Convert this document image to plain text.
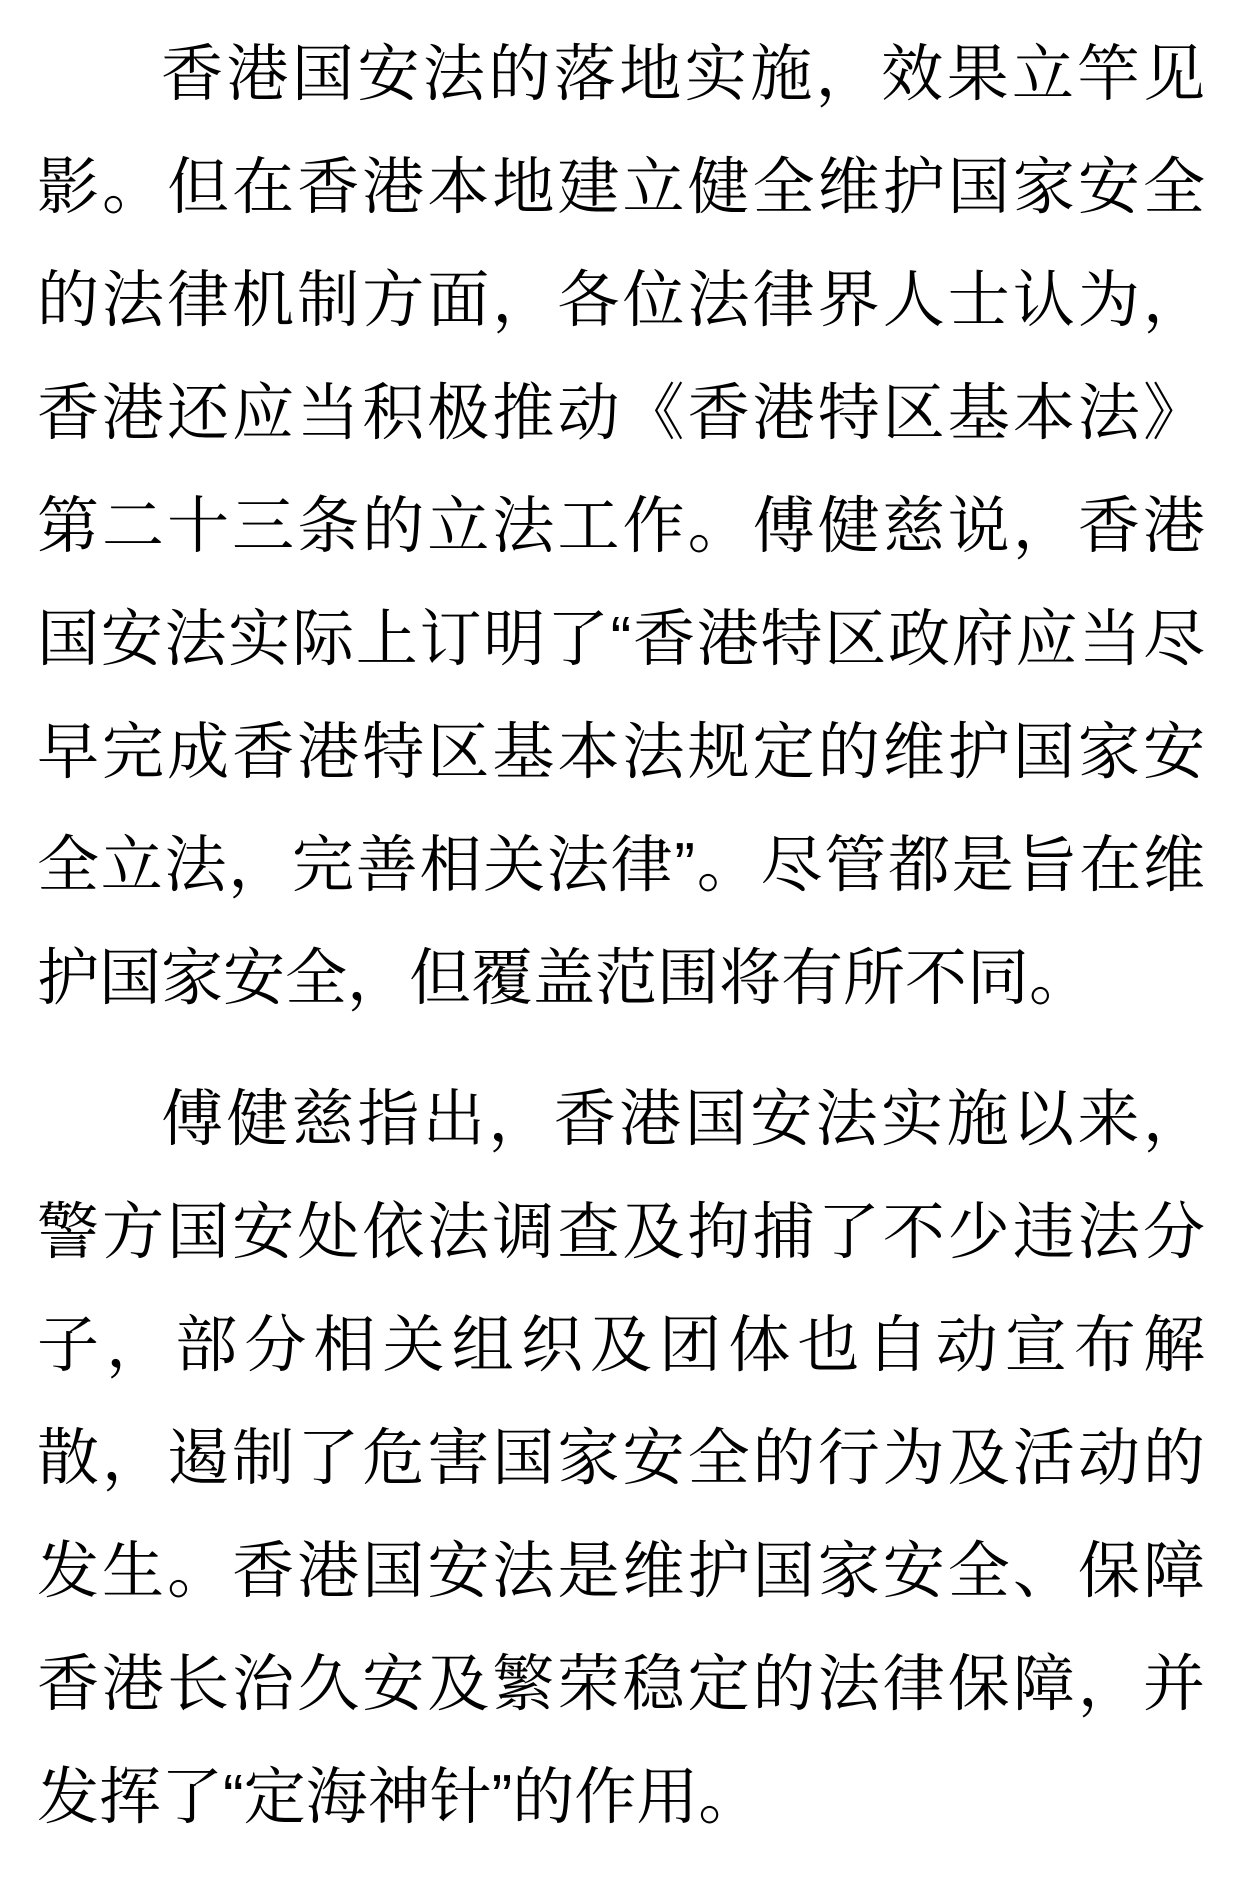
香港国安法的落地实施，效果立竿见影。但在香港本地建立健全维护国家安全的法律机制方面，各位法律界人士认为，香港还应当积极推动《香港特区基本法》第二十三条的立法工作。傅健慈说，香港国安法实际上订明了“香港特区政府应当尽早完成香港特区基本法规定的维护国家安全立法，完善相关法律”。尽管都是旨在维护国家安全，但覆盖范围将有所不同。

傅健慈指出，香港国安法实施以来，警方国安处依法调查及拘捕了不少违法分子，部分相关组织及团体也自动宣布解散，遏制了危害国家安全的行为及活动的发生。香港国安法是维护国家安全、保障香港长治久安及繁荣稳定的法律保障，并发挥了“定海神针”的作用。
